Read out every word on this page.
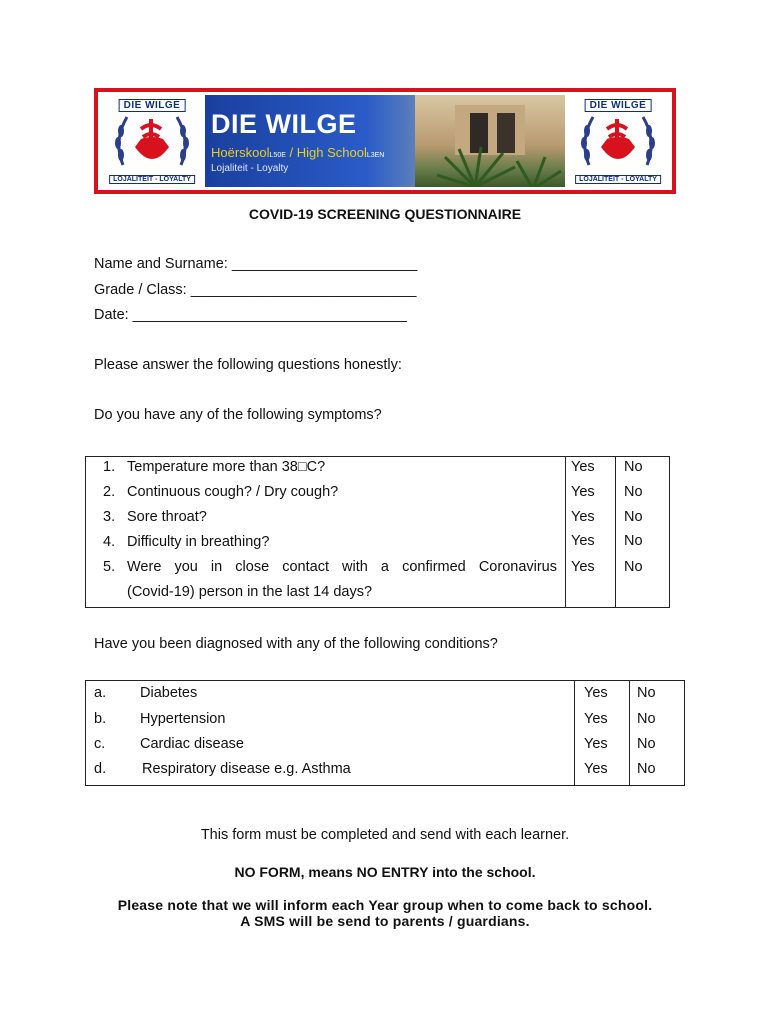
DIE WILGE
LOJALITEIT - LOYALTY
DIE WILGE
HoërskoolL50E / High SchoolL3EN
Lojaliteit - Loyalty
DIE WILGE
LOJALITEIT - LOYALTY
COVID-19 SCREENING QUESTIONNAIRE
Name and Surname: _______________________
Grade / Class: ____________________________
Date: __________________________________
Please answer the following questions honestly:
Do you have any of the following symptoms?
1. Temperature more than 38□C?	Yes No
2. Continuous cough? / Dry cough?	Yes No
3. Sore throat?	Yes No
4. Difficulty in breathing?	Yes No
5. Were you in close contact with a confirmed Coronavirus
(Covid-19) person in the last 14 days?
Yes No
Have you been diagnosed with any of the following conditions?
a. Diabetes	Yes No
b. Hypertension	Yes No
c. Cardiac disease	Yes No
d. Respiratory disease e.g. Asthma	Yes No
This form must be completed and send with each learner.
NO FORM, means NO ENTRY into the school.
Please note that we will inform each Year group when to come back to school.
A SMS will be send to parents / guardians.
